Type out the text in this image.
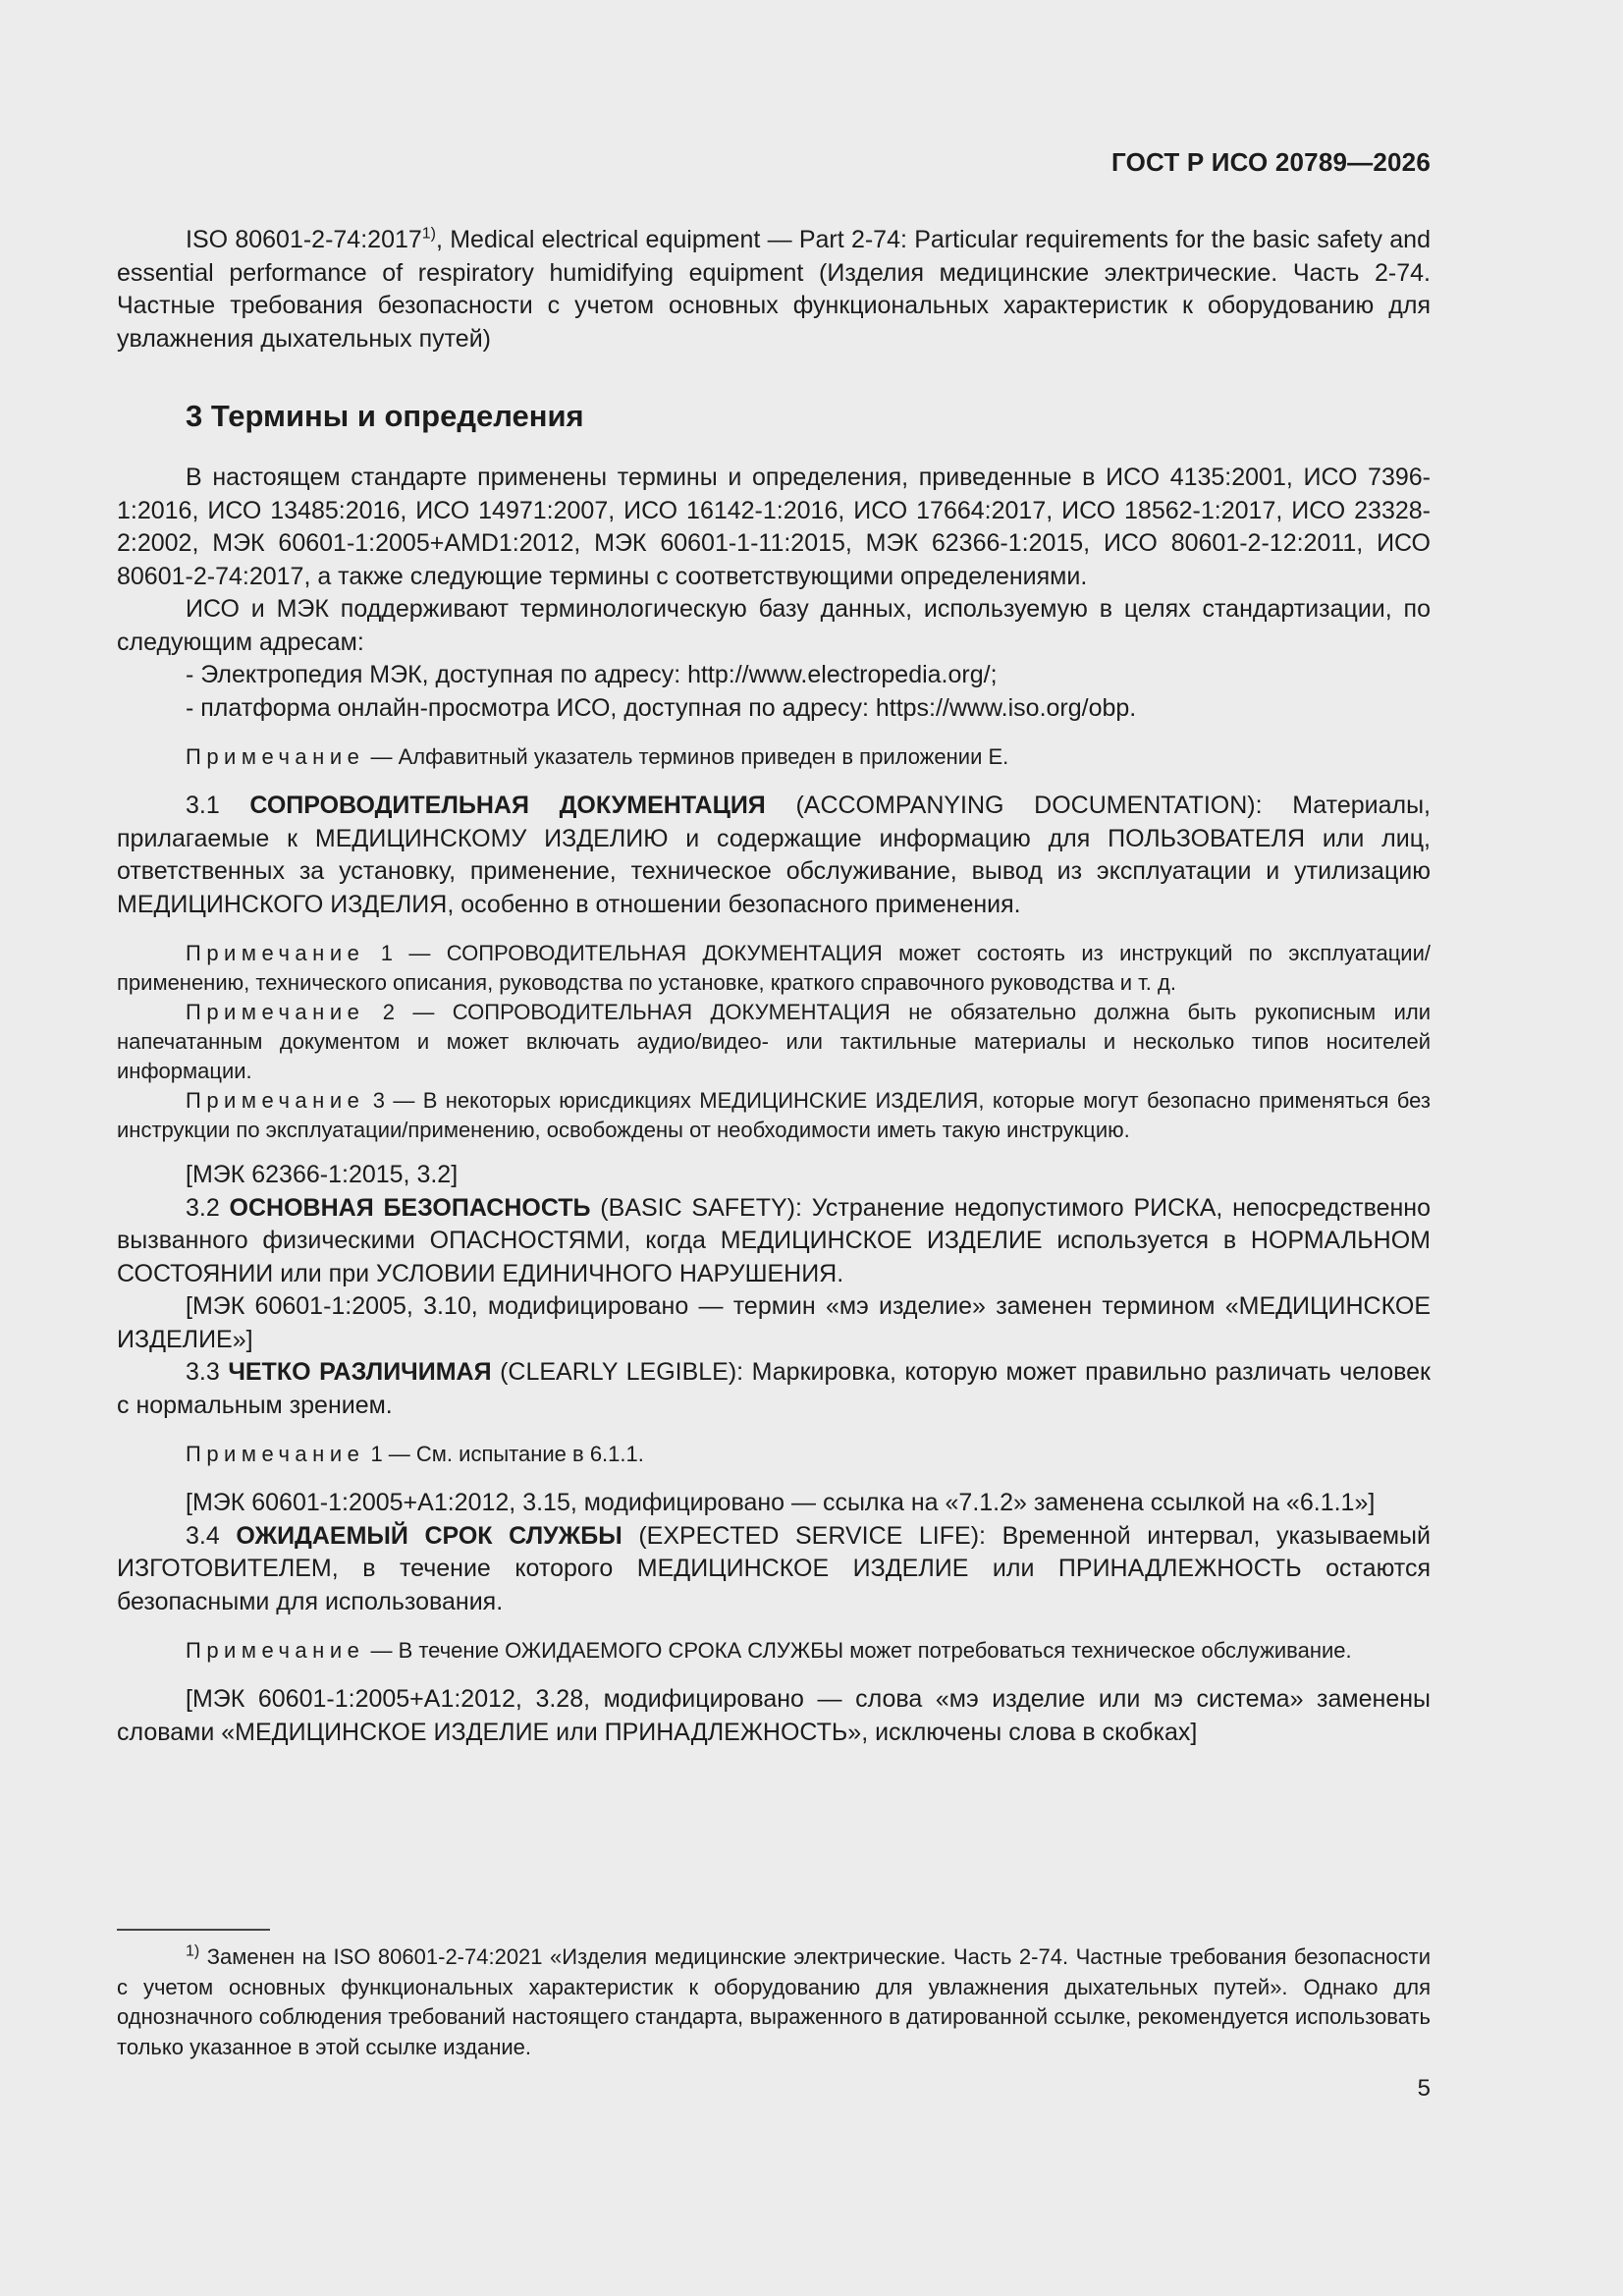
ГОСТ Р ИСО 20789—2026

ISO 80601-2-74:2017$^{1)}$, Medical electrical equipment — Part 2-74: Particular requirements for the basic safety and essential performance of respiratory humidifying equipment (Изделия медицинские электрические. Часть 2-74. Частные требования безопасности с учетом основных функциональных характеристик к оборудованию для увлажнения дыхательных путей)

3 Термины и определения

В настоящем стандарте применены термины и определения, приведенные в ИСО 4135:2001, ИСО 7396-1:2016, ИСО 13485:2016, ИСО 14971:2007, ИСО 16142-1:2016, ИСО 17664:2017, ИСО 18562-1:2017, ИСО 23328-2:2002, МЭК 60601-1:2005+AMD1:2012, МЭК 60601-1-11:2015, МЭК 62366-1:2015, ИСО 80601-2-12:2011, ИСО 80601-2-74:2017, а также следующие термины с соответствующими определениями.

ИСО и МЭК поддерживают терминологическую базу данных, используемую в целях стандартизации, по следующим адресам:

- Электропедия МЭК, доступная по адресу: http://www.electropedia.org/;

- платформа онлайн-просмотра ИСО, доступная по адресу: https://www.iso.org/obp.

Примечание — Алфавитный указатель терминов приведен в приложении Е.

3.1 СОПРОВОДИТЕЛЬНАЯ ДОКУМЕНТАЦИЯ (ACCOMPANYING DOCUMENTATION): Материалы, прилагаемые к МЕДИЦИНСКОМУ ИЗДЕЛИЮ и содержащие информацию для ПОЛЬЗОВАТЕЛЯ или лиц, ответственных за установку, применение, техническое обслуживание, вывод из эксплуатации и утилизацию МЕДИЦИНСКОГО ИЗДЕЛИЯ, особенно в отношении безопасного применения.

Примечание 1 — СОПРОВОДИТЕЛЬНАЯ ДОКУМЕНТАЦИЯ может состоять из инструкций по эксплуатации/применению, технического описания, руководства по установке, краткого справочного руководства и т. д.

Примечание 2 — СОПРОВОДИТЕЛЬНАЯ ДОКУМЕНТАЦИЯ не обязательно должна быть рукописным или напечатанным документом и может включать аудио/видео- или тактильные материалы и несколько типов носителей информации.

Примечание 3 — В некоторых юрисдикциях МЕДИЦИНСКИЕ ИЗДЕЛИЯ, которые могут безопасно применяться без инструкции по эксплуатации/применению, освобождены от необходимости иметь такую инструкцию.

[МЭК 62366-1:2015, 3.2]

3.2 ОСНОВНАЯ БЕЗОПАСНОСТЬ (BASIC SAFETY): Устранение недопустимого РИСКА, непосредственно вызванного физическими ОПАСНОСТЯМИ, когда МЕДИЦИНСКОЕ ИЗДЕЛИЕ используется в НОРМАЛЬНОМ СОСТОЯНИИ или при УСЛОВИИ ЕДИНИЧНОГО НАРУШЕНИЯ.

[МЭК 60601-1:2005, 3.10, модифицировано — термин «мэ изделие» заменен термином «МЕДИЦИНСКОЕ ИЗДЕЛИЕ»]

3.3 ЧЕТКО РАЗЛИЧИМАЯ (CLEARLY LEGIBLE): Маркировка, которую может правильно различать человек с нормальным зрением.

Примечание 1 — См. испытание в 6.1.1.

[МЭК 60601-1:2005+A1:2012, 3.15, модифицировано — ссылка на «7.1.2» заменена ссылкой на «6.1.1»]

3.4 ОЖИДАЕМЫЙ СРОК СЛУЖБЫ (EXPECTED SERVICE LIFE): Временной интервал, указываемый ИЗГОТОВИТЕЛЕМ, в течение которого МЕДИЦИНСКОЕ ИЗДЕЛИЕ или ПРИНАДЛЕЖНОСТЬ остаются безопасными для использования.

Примечание — В течение ОЖИДАЕМОГО СРОКА СЛУЖБЫ может потребоваться техническое обслуживание.

[МЭК 60601-1:2005+A1:2012, 3.28, модифицировано — слова «мэ изделие или мэ система» заменены словами «МЕДИЦИНСКОЕ ИЗДЕЛИЕ или ПРИНАДЛЕЖНОСТЬ», исключены слова в скобках]

$^{1)}$ Заменен на ISO 80601-2-74:2021 «Изделия медицинские электрические. Часть 2-74. Частные требования безопасности с учетом основных функциональных характеристик к оборудованию для увлажнения дыхательных путей». Однако для однозначного соблюдения требований настоящего стандарта, выраженного в датированной ссылке, рекомендуется использовать только указанное в этой ссылке издание.

5
